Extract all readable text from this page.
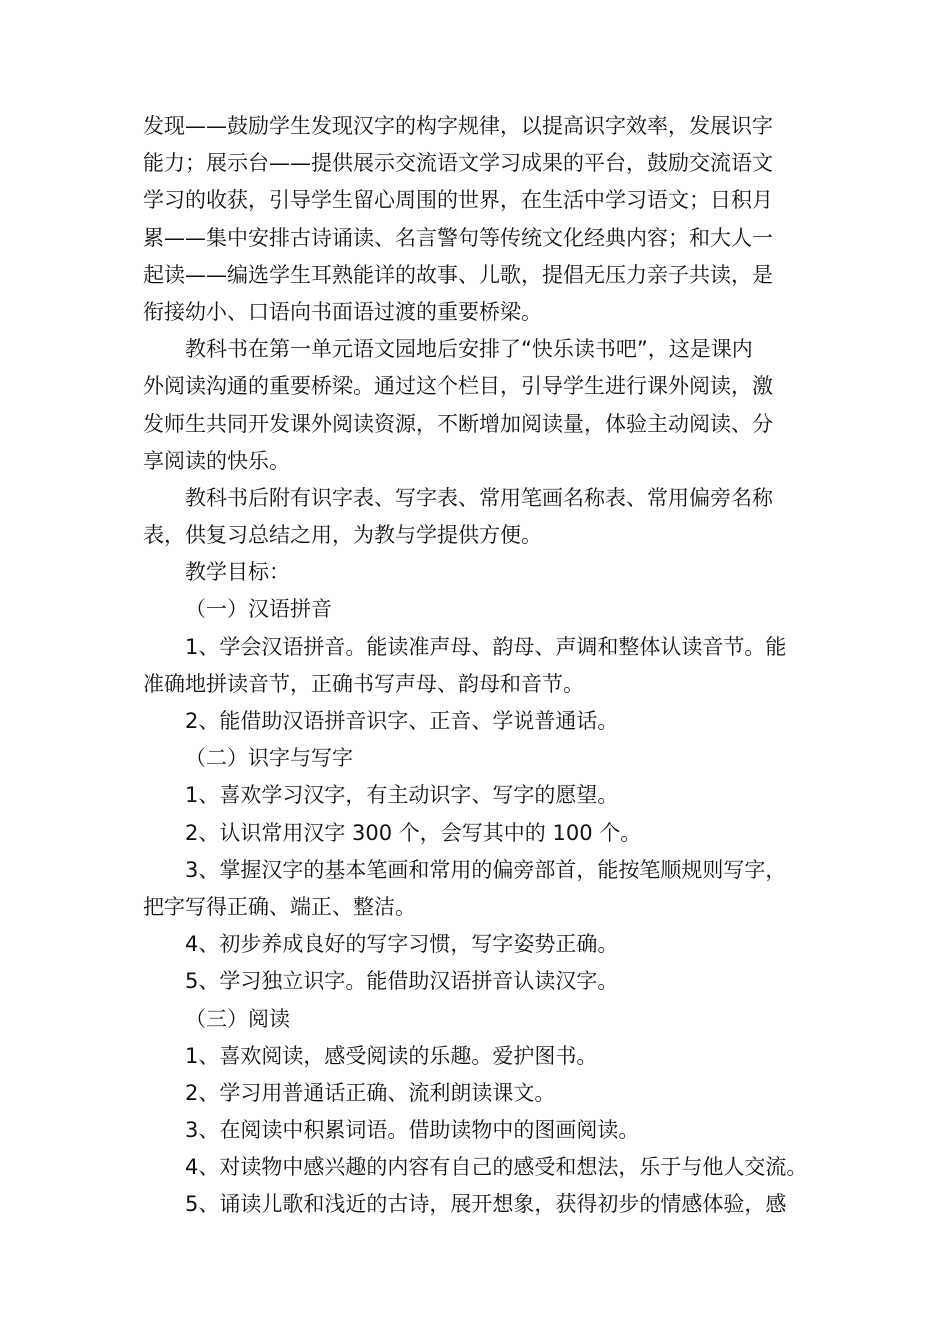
发现——鼓励学生发现汉字的构字规律，以提高识字效率，发展识字
能力；展示台——提供展示交流语文学习成果的平台，鼓励交流语文
学习的收获，引导学生留心周围的世界，在生活中学习语文；日积月
累——集中安排古诗诵读、名言警句等传统文化经典内容；和大人一
起读——编选学生耳熟能详的故事、儿歌，提倡无压力亲子共读，是
衔接幼小、口语向书面语过渡的重要桥梁。
教科书在第一单元语文园地后安排了“快乐读书吧”，这是课内
外阅读沟通的重要桥梁。通过这个栏目，引导学生进行课外阅读，激
发师生共同开发课外阅读资源，不断增加阅读量，体验主动阅读、分
享阅读的快乐。
教科书后附有识字表、写字表、常用笔画名称表、常用偏旁名称
表，供复习总结之用，为教与学提供方便。
教学目标：
（一）汉语拼音
1、学会汉语拼音。能读准声母、韵母、声调和整体认读音节。能
准确地拼读音节，正确书写声母、韵母和音节。
2、能借助汉语拼音识字、正音、学说普通话。
（二）识字与写字
1、喜欢学习汉字，有主动识字、写字的愿望。
2、认识常用汉字 300 个，会写其中的 100 个。
3、掌握汉字的基本笔画和常用的偏旁部首，能按笔顺规则写字，
把字写得正确、端正、整洁。
4、初步养成良好的写字习惯，写字姿势正确。
5、学习独立识字。能借助汉语拼音认读汉字。
（三）阅读
1、喜欢阅读，感受阅读的乐趣。爱护图书。
2、学习用普通话正确、流利朗读课文。
3、在阅读中积累词语。借助读物中的图画阅读。
4、对读物中感兴趣的内容有自己的感受和想法，乐于与他人交流。
5、诵读儿歌和浅近的古诗，展开想象，获得初步的情感体验，感
